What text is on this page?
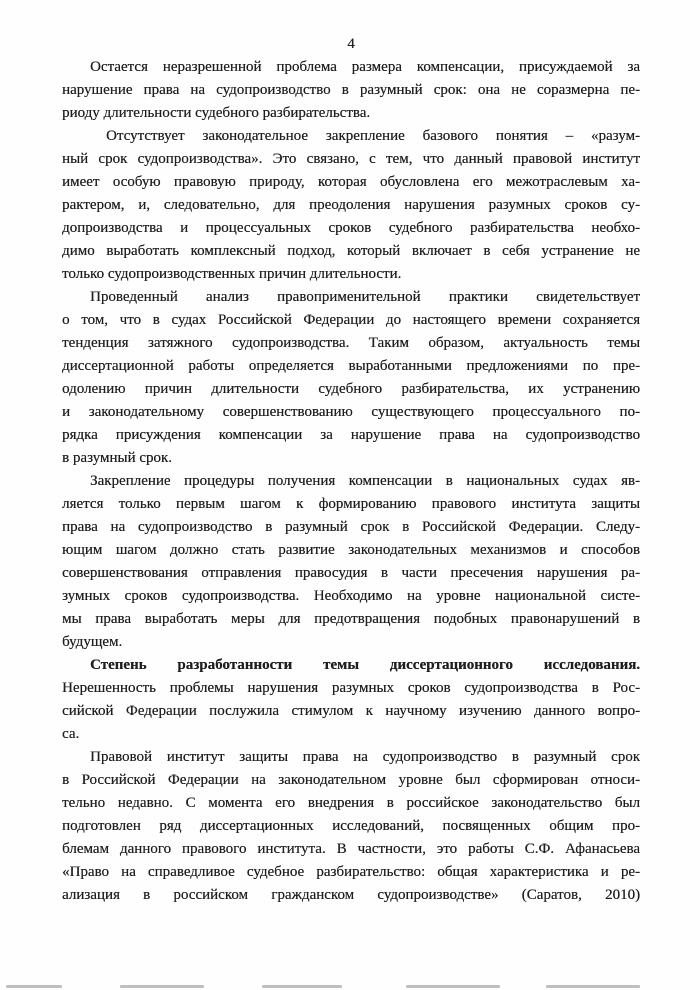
4
Остается неразрешенной проблема размера компенсации, присуждаемой за
нарушение права на судопроизводство в разумный срок: она не соразмерна пе-
риоду длительности судебного разбирательства.
Отсутствует законодательное закрепление базового понятия – «разум-
ный срок судопроизводства». Это связано, с тем, что данный правовой институт
имеет особую правовую природу, которая обусловлена его межотраслевым ха-
рактером, и, следовательно, для преодоления нарушения разумных сроков су-
допроизводства и процессуальных сроков судебного разбирательства необхо-
димо выработать комплексный подход, который включает в себя устранение не
только судопроизводственных причин длительности.
Проведенный анализ правоприменительной практики свидетельствует
о том, что в судах Российской Федерации до настоящего времени сохраняется
тенденция затяжного судопроизводства. Таким образом, актуальность темы
диссертационной работы определяется выработанными предложениями по пре-
одолению причин длительности судебного разбирательства, их устранению
и законодательному совершенствованию существующего процессуального по-
рядка присуждения компенсации за нарушение права на судопроизводство
в разумный срок.
Закрепление процедуры получения компенсации в национальных судах яв-
ляется только первым шагом к формированию правового института защиты
права на судопроизводство в разумный срок в Российской Федерации. Следу-
ющим шагом должно стать развитие законодательных механизмов и способов
совершенствования отправления правосудия в части пресечения нарушения ра-
зумных сроков судопроизводства. Необходимо на уровне национальной систе-
мы права выработать меры для предотвращения подобных правонарушений в
будущем.
Степень разработанности темы диссертационного исследования.
Нерешенность проблемы нарушения разумных сроков судопроизводства в Рос-
сийской Федерации послужила стимулом к научному изучению данного вопро-
са.
Правовой институт защиты права на судопроизводство в разумный срок
в Российской Федерации на законодательном уровне был сформирован относи-
тельно недавно. С момента его внедрения в российское законодательство был
подготовлен ряд диссертационных исследований, посвященных общим про-
блемам данного правового института. В частности, это работы С.Ф. Афанасьева
«Право на справедливое судебное разбирательство: общая характеристика и ре-
ализация в российском гражданском судопроизводстве» (Саратов, 2010)
